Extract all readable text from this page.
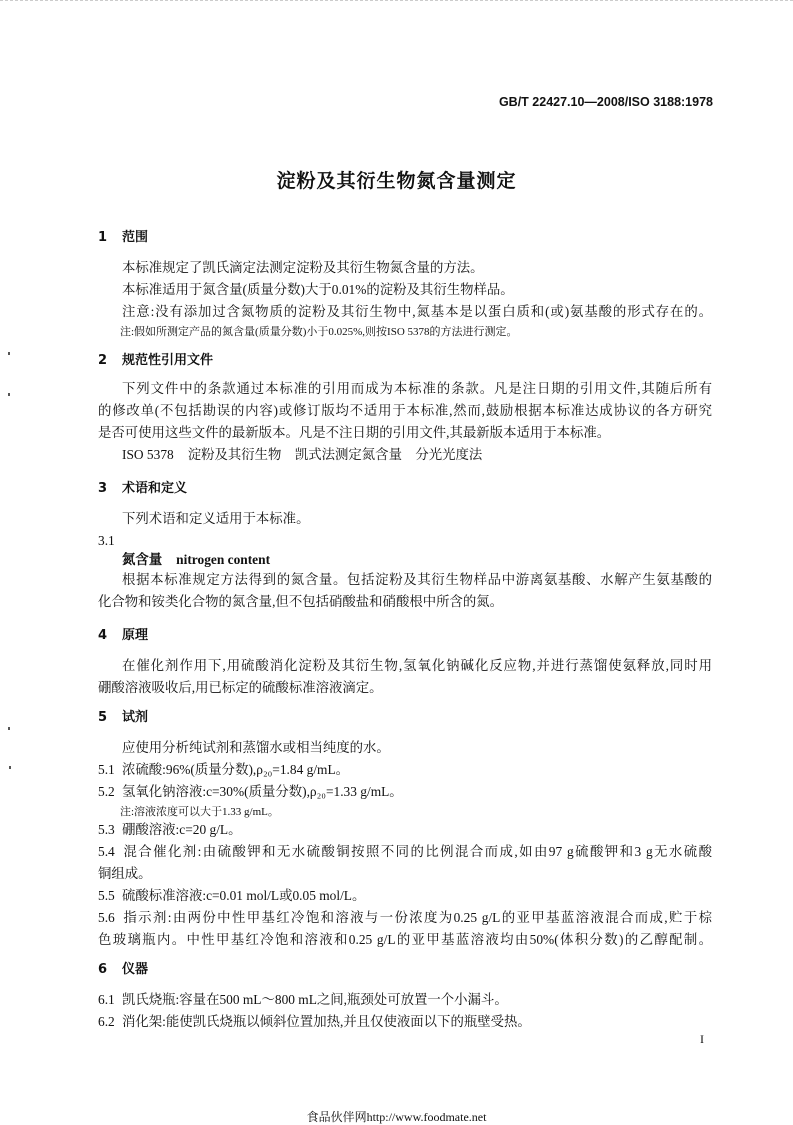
GB/T 22427.10—2008/ISO 3188:1978
淀粉及其衍生物氮含量测定
1 范围
本标准规定了凯氏滴定法测定淀粉及其衍生物氮含量的方法。
本标准适用于氮含量(质量分数)大于0.01%的淀粉及其衍生物样品。
注意:没有添加过含氮物质的淀粉及其衍生物中,氮基本是以蛋白质和(或)氨基酸的形式存在的。
注:假如所测定产品的氮含量(质量分数)小于0.025%,则按ISO 5378的方法进行测定。
2 规范性引用文件
下列文件中的条款通过本标准的引用而成为本标准的条款。凡是注日期的引用文件,其随后所有
的修改单(不包括勘误的内容)或修订版均不适用于本标准,然而,鼓励根据本标准达成协议的各方研究
是否可使用这些文件的最新版本。凡是不注日期的引用文件,其最新版本适用于本标准。
ISO 5378 淀粉及其衍生物　凯式法测定氮含量　分光光度法
3 术语和定义
下列术语和定义适用于本标准。
3.1
氮含量 nitrogen content
根据本标准规定方法得到的氮含量。包括淀粉及其衍生物样品中游离氨基酸、水解产生氨基酸的
化合物和铵类化合物的氮含量,但不包括硝酸盐和硝酸根中所含的氮。
4 原理
在催化剂作用下,用硫酸消化淀粉及其衍生物,氢氧化钠碱化反应物,并进行蒸馏使氨释放,同时用
硼酸溶液吸收后,用已标定的硫酸标准溶液滴定。
5 试剂
应使用分析纯试剂和蒸馏水或相当纯度的水。
5.1 浓硫酸:96%(质量分数),ρ₂₀=1.84 g/mL。
5.2 氢氧化钠溶液:c=30%(质量分数),ρ₂₀=1.33 g/mL。
注:溶液浓度可以大于1.33 g/mL。
5.3 硼酸溶液:c=20 g/L。
5.4 混合催化剂:由硫酸钾和无水硫酸铜按照不同的比例混合而成,如由97 g硫酸钾和3 g无水硫酸
铜组成。
5.5 硫酸标准溶液:c=0.01 mol/L或0.05 mol/L。
5.6 指示剂:由两份中性甲基红冷饱和溶液与一份浓度为0.25 g/L的亚甲基蓝溶液混合而成,贮于棕
色玻璃瓶内。中性甲基红冷饱和溶液和0.25 g/L的亚甲基蓝溶液均由50%(体积分数)的乙醇配制。
6 仪器
6.1 凯氏烧瓶:容量在500 mL～800 mL之间,瓶颈处可放置一个小漏斗。
6.2 消化架:能使凯氏烧瓶以倾斜位置加热,并且仅使液面以下的瓶壁受热。
I
食品伙伴网http://www.foodmate.net
